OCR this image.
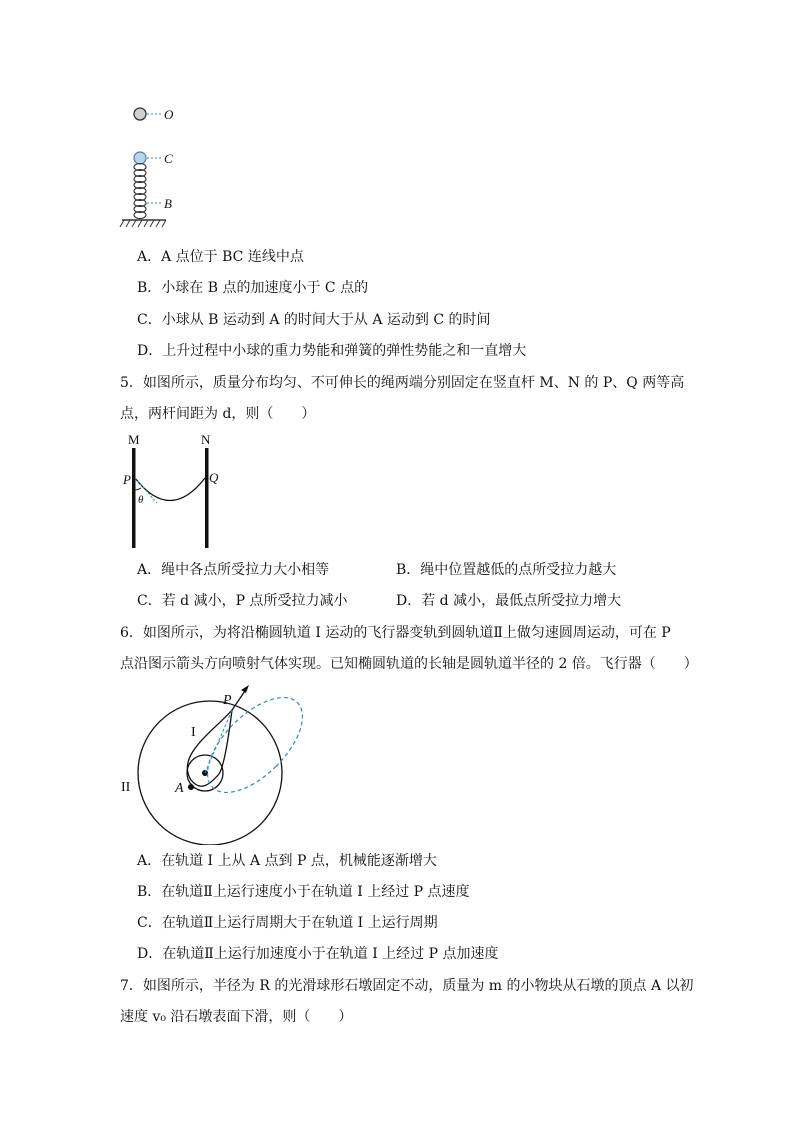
O
C
B
A．A 点位于 BC 连线中点
B．小球在 B 点的加速度小于 C 点的
C．小球从 B 运动到 A 的时间大于从 A 运动到 C 的时间
D．上升过程中小球的重力势能和弹簧的弹性势能之和一直增大
5．如图所示，质量分布均匀、不可伸长的绳两端分别固定在竖直杆 M、N 的 P、Q 两等高
点，两杆间距为 d，则（　　）
M	N
P	Q
θ
A．绳中各点所受拉力大小相等	B．绳中位置越低的点所受拉力越大
C．若 d 减小，P 点所受拉力减小	D．若 d 减小，最低点所受拉力增大
6．如图所示，为将沿椭圆轨道 I 运动的飞行器变轨到圆轨道Ⅱ上做匀速圆周运动，可在 P
点沿图示箭头方向喷射气体实现。已知椭圆轨道的长轴是圆轨道半径的 2 倍。飞行器（　　）
P
I
II	A
A．在轨道 I 上从 A 点到 P 点，机械能逐渐增大
B．在轨道Ⅱ上运行速度小于在轨道 I 上经过 P 点速度
C．在轨道Ⅱ上运行周期大于在轨道 I 上运行周期
D．在轨道Ⅱ上运行加速度小于在轨道 I 上经过 P 点加速度
7．如图所示，半径为 R 的光滑球形石墩固定不动，质量为 m 的小物块从石墩的顶点 A 以初
速度 v₀ 沿石墩表面下滑，则（　　）
